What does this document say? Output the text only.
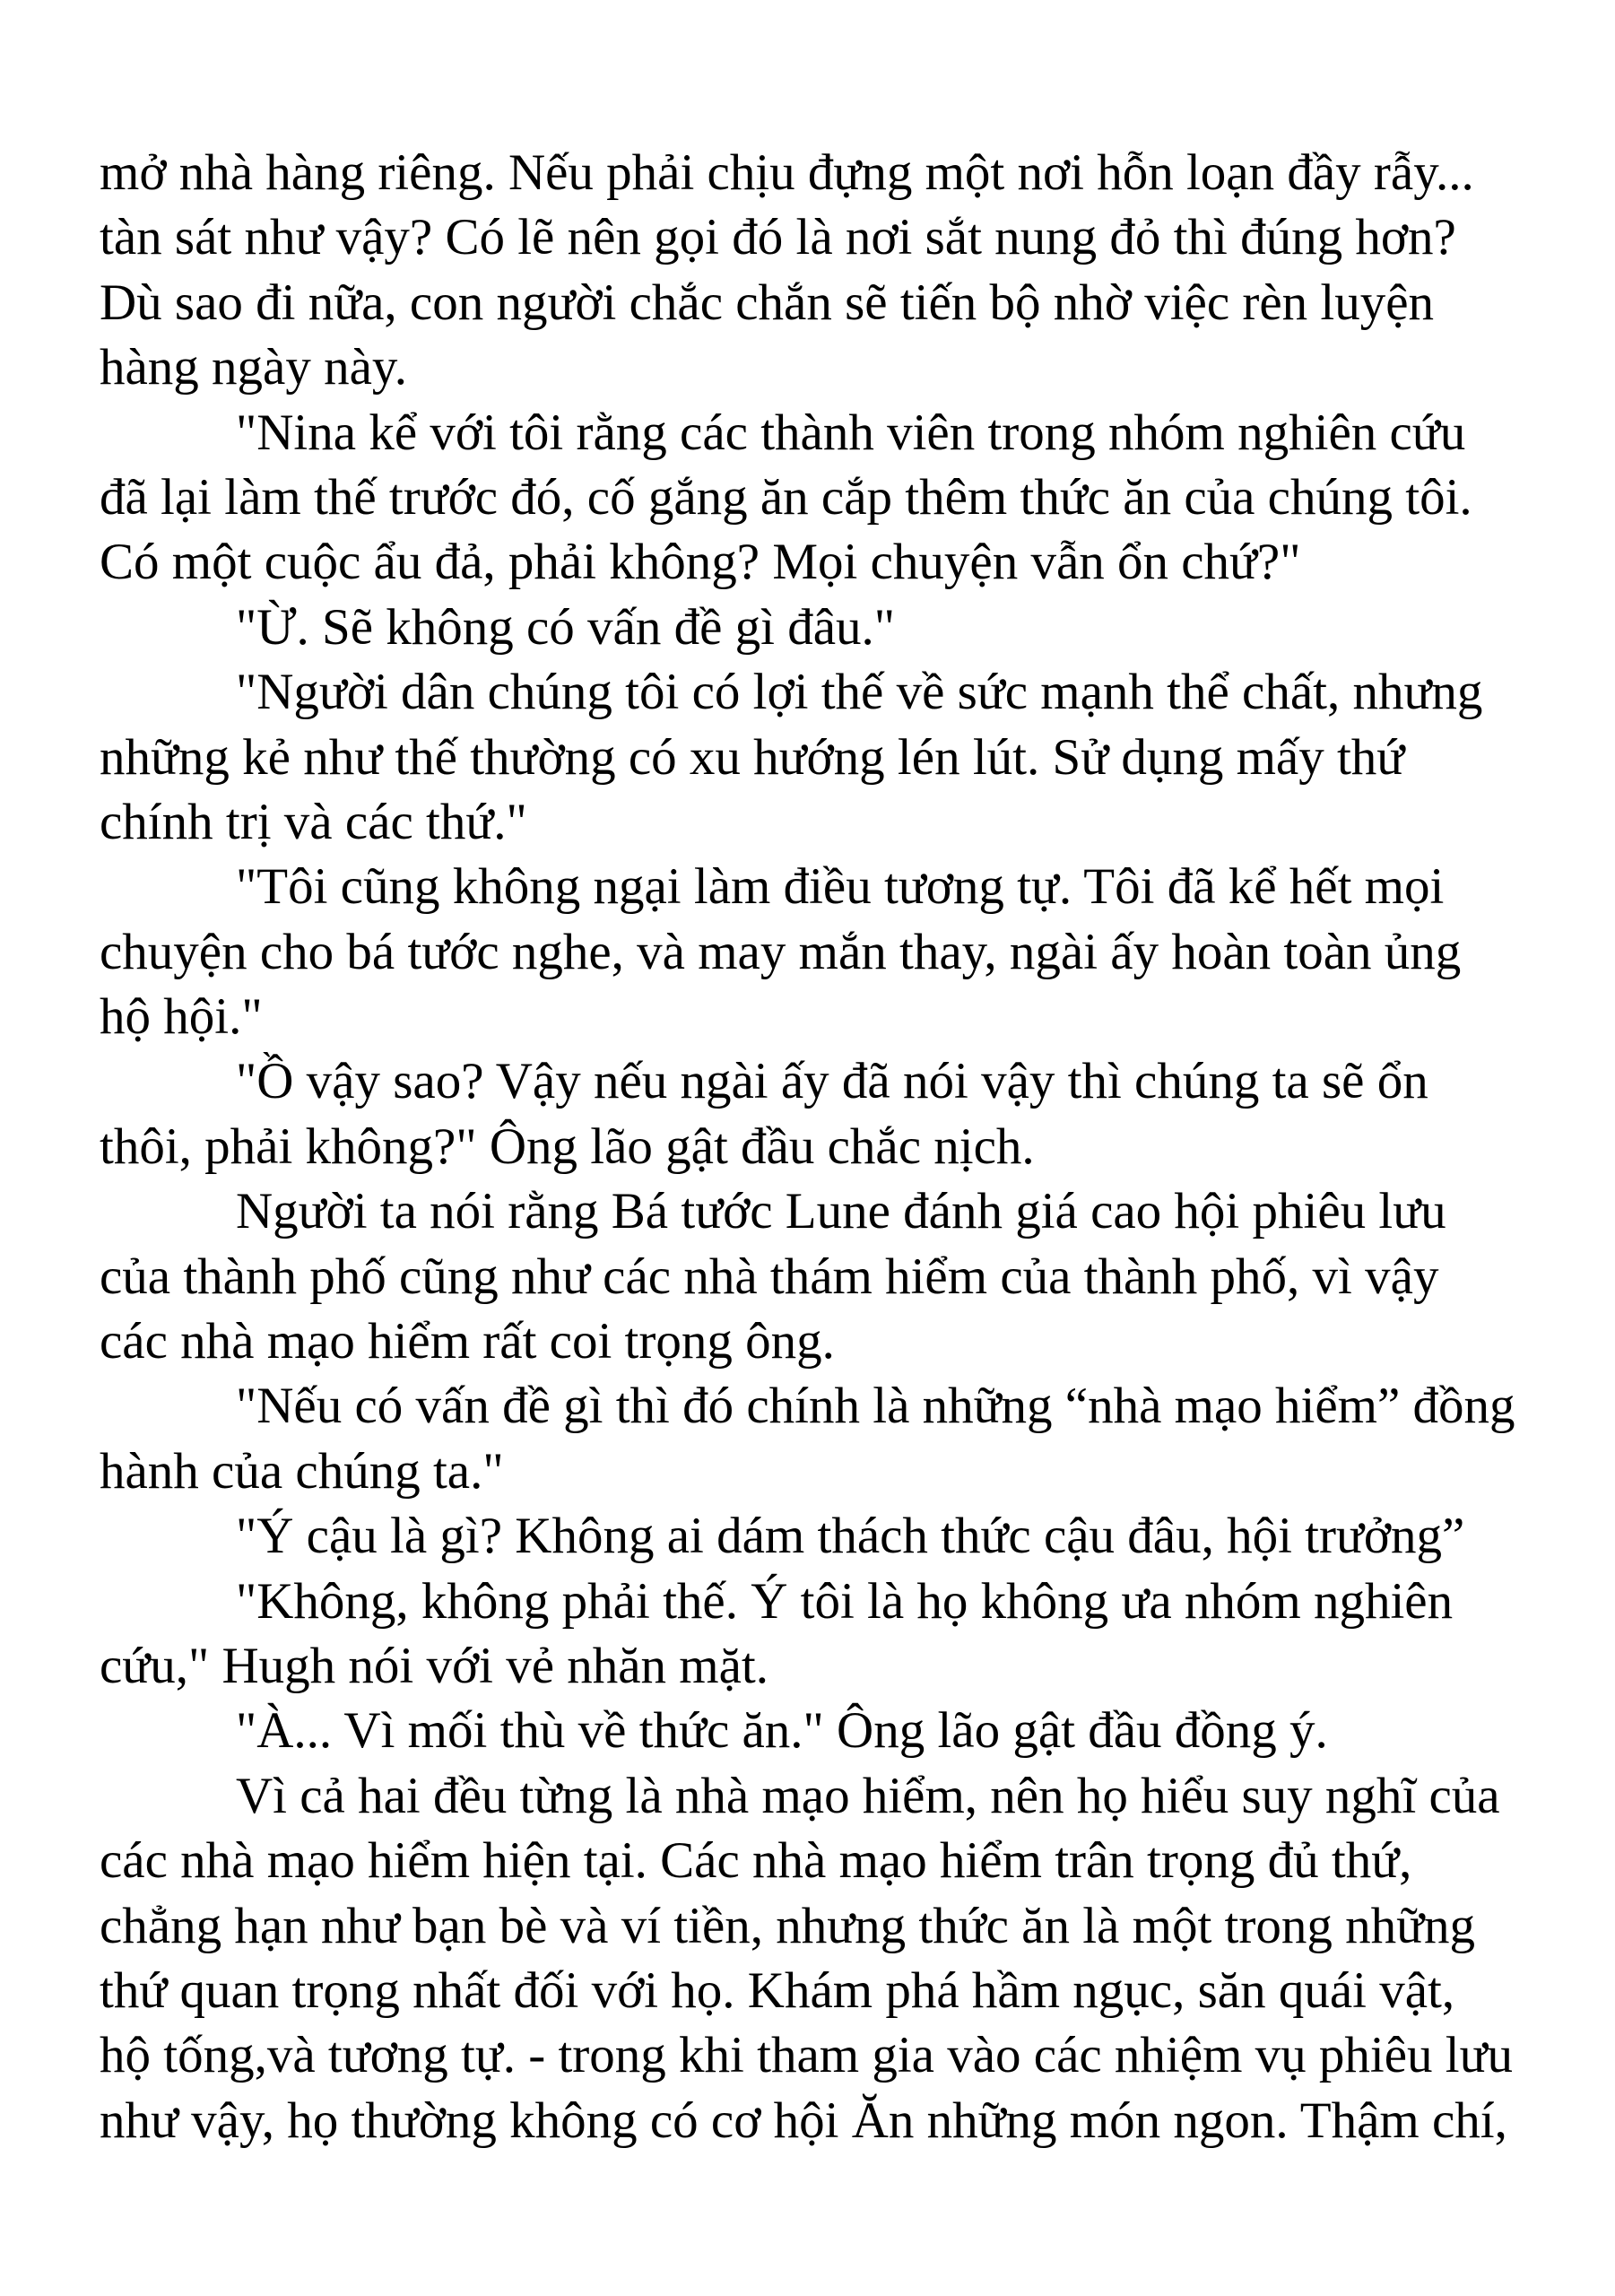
mở nhà hàng riêng. Nếu phải chịu đựng một nơi hỗn loạn đầy rẫy...
tàn sát như vậy? Có lẽ nên gọi đó là nơi sắt nung đỏ thì đúng hơn?
Dù sao đi nữa, con người chắc chắn sẽ tiến bộ nhờ việc rèn luyện
hàng ngày này.
"Nina kể với tôi rằng các thành viên trong nhóm nghiên cứu
đã lại làm thế trước đó, cố gắng ăn cắp thêm thức ăn của chúng tôi.
Có một cuộc ẩu đả, phải không? Mọi chuyện vẫn ổn chứ?"
"Ừ. Sẽ không có vấn đề gì đâu."
"Người dân chúng tôi có lợi thế về sức mạnh thể chất, nhưng
những kẻ như thế thường có xu hướng lén lút. Sử dụng mấy thứ
chính trị và các thứ."
"Tôi cũng không ngại làm điều tương tự. Tôi đã kể hết mọi
chuyện cho bá tước nghe, và may mắn thay, ngài ấy hoàn toàn ủng
hộ hội."
"Ồ vậy sao? Vậy nếu ngài ấy đã nói vậy thì chúng ta sẽ ổn
thôi, phải không?" Ông lão gật đầu chắc nịch.
Người ta nói rằng Bá tước Lune đánh giá cao hội phiêu lưu
của thành phố cũng như các nhà thám hiểm của thành phố, vì vậy
các nhà mạo hiểm rất coi trọng ông.
"Nếu có vấn đề gì thì đó chính là những “nhà mạo hiểm” đồng
hành của chúng ta."
"Ý cậu là gì? Không ai dám thách thức cậu đâu, hội trưởng”
"Không, không phải thế. Ý tôi là họ không ưa nhóm nghiên
cứu," Hugh nói với vẻ nhăn mặt.
"À... Vì mối thù về thức ăn." Ông lão gật đầu đồng ý.
Vì cả hai đều từng là nhà mạo hiểm, nên họ hiểu suy nghĩ của
các nhà mạo hiểm hiện tại. Các nhà mạo hiểm trân trọng đủ thứ,
chẳng hạn như bạn bè và ví tiền, nhưng thức ăn là một trong những
thứ quan trọng nhất đối với họ. Khám phá hầm ngục, săn quái vật,
hộ tống,và tương tự. - trong khi tham gia vào các nhiệm vụ phiêu lưu
như vậy, họ thường không có cơ hội Ăn những món ngon. Thậm chí,
